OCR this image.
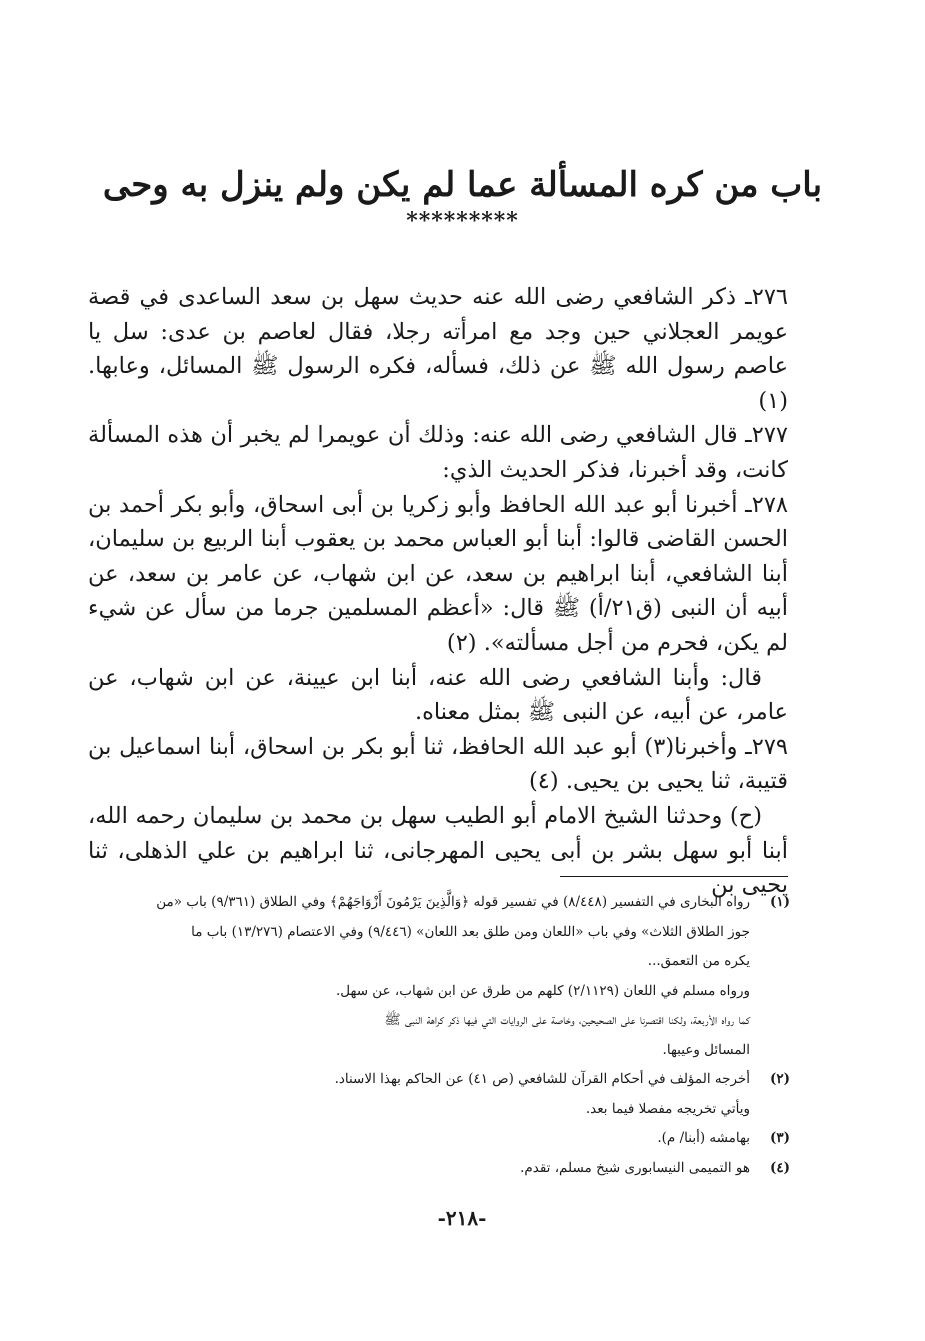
باب من كره المسألة عما لم يكن ولم ينزل به وحى
*********

٢٧٦ـ ذكر الشافعي رضى الله عنه حديث سهل بن سعد الساعدى في قصة عويمر العجلاني حين وجد مع امرأته رجلا، فقال لعاصم بن عدى: سل يا عاصم رسول الله ﷺ عن ذلك، فسأله، فكره الرسول ﷺ المسائل، وعابها. (١)

٢٧٧ـ قال الشافعي رضى الله عنه: وذلك أن عويمرا لم يخبر أن هذه المسألة كانت، وقد أخبرنا، فذكر الحديث الذي:

٢٧٨ـ أخبرنا أبو عبد الله الحافظ وأبو زكريا بن أبى اسحاق، وأبو بكر أحمد بن الحسن القاضى قالوا: أبنا أبو العباس محمد بن يعقوب أبنا الربيع بن سليمان، أبنا الشافعي، أبنا ابراهيم بن سعد، عن ابن شهاب، عن عامر بن سعد، عن أبيه أن النبى (ق٢١/أ) ﷺ قال: «أعظم المسلمين جرما من سأل عن شيء لم يكن، فحرم من أجل مسألته». (٢)

قال: وأبنا الشافعي رضى الله عنه، أبنا ابن عيينة، عن ابن شهاب، عن عامر، عن أبيه، عن النبى ﷺ بمثل معناه.

٢٧٩ـ وأخبرنا(٣) أبو عبد الله الحافظ، ثنا أبو بكر بن اسحاق، أبنا اسماعيل بن قتيبة، ثنا يحيى بن يحيى. (٤)

(ح) وحدثنا الشيخ الامام أبو الطيب سهل بن محمد بن سليمان رحمه الله، أبنا أبو سهل بشر بن أبى يحيى المهرجانى، ثنا ابراهيم بن علي الذهلى، ثنا يحيى بن

(١)
رواه البخارى في التفسير (٨/٤٤٨) في تفسير قوله ﴿وَالَّذِينَ يَرْمُونَ أَزْوَاجَهُمْ﴾ وفي الطلاق (٩/٣٦١) باب «من
جوز الطلاق الثلاث» وفي باب «اللعان ومن طلق بعد اللعان» (٩/٤٤٦) وفي الاعتصام (١٣/٢٧٦) باب ما
يكره من التعمق...
ورواه مسلم في اللعان (٢/١١٢٩) كلهم من طرق عن ابن شهاب، عن سهل.
كما رواه الأربعة، ولكنا اقتصرنا على الصحيحين، وخاصة على الروايات التي فيها ذكر كراهة النبى ﷺ
المسائل وعيبها.
(٢)
أخرجه المؤلف في أحكام القرآن للشافعي (ص ٤١) عن الحاكم بهذا الاسناد.
ويأتي تخريجه مفصلا فيما بعد.
(٣)
بهامشه (أبنا/ م).
(٤)
هو التميمى النيسابورى شيخ مسلم، تقدم.
-٢١٨-
